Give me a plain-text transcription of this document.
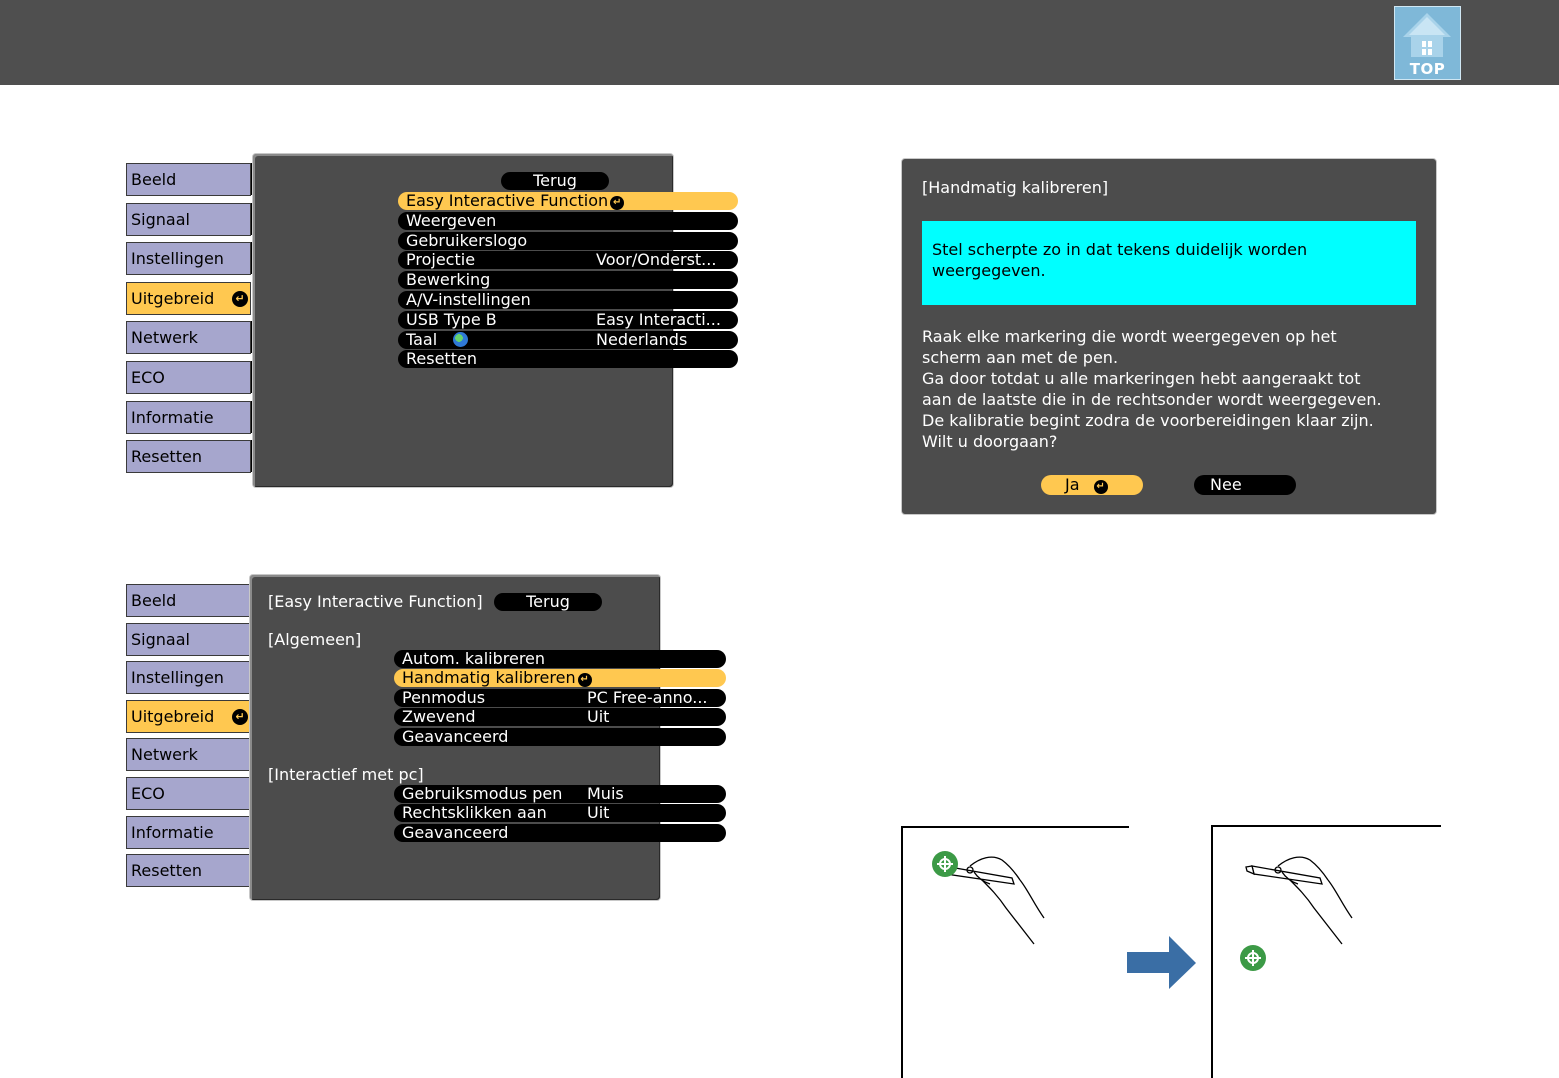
TOP
Beeld
Signaal
Instellingen
Uitgebreid	↵
Netwerk
ECO
Informatie
Resetten
Terug
Easy Interactive Function ↵
Weergeven
Gebruikerslogo
Projectie	Voor/Onderst...
Bewerking
A/V-instellingen
USB Type B	Easy Interacti...
Taal	Nederlands
Resetten
Beeld
Signaal
Instellingen
Uitgebreid	↵
Netwerk
ECO
Informatie
Resetten
[Easy Interactive Function]	Terug
[Algemeen]
Autom. kalibreren
Handmatig kalibreren ↵
Penmodus	PC Free-anno...
Zwevend	Uit
Geavanceerd
[Interactief met pc]
Gebruiksmodus pen Muis
Rechtsklikken aan	Uit
Geavanceerd
[Handmatig kalibreren]
Stel scherpte zo in dat tekens duidelijk worden
weergegeven.
Raak elke markering die wordt weergegeven op het
scherm aan met de pen.
Ga door totdat u alle markeringen hebt aangeraakt tot
aan de laatste die in de rechtsonder wordt weergegeven.
De kalibratie begint zodra de voorbereidingen klaar zijn.
Wilt u doorgaan?
Ja ↵	Nee
